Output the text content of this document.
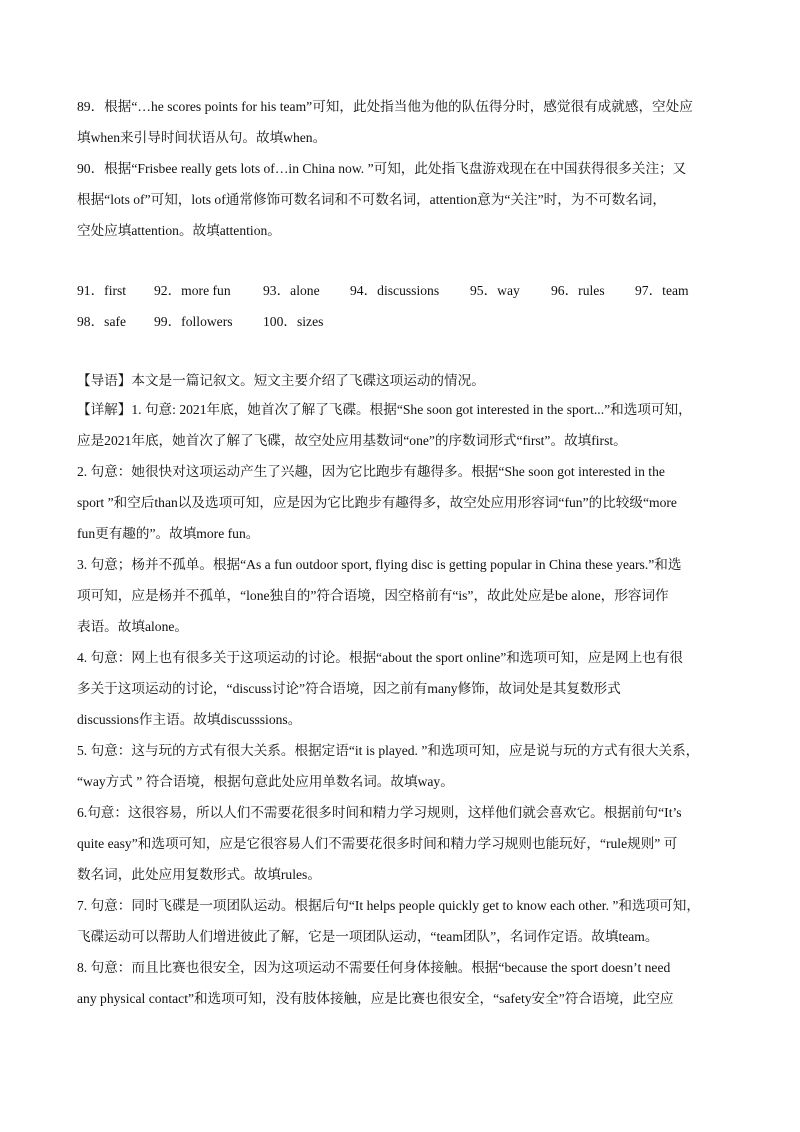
89．根据“…he scores points for his team”可知，此处指当他为他的队伍得分时，感觉很有成就感，空处应
填when来引导时间状语从句。故填when。
90．根据“Frisbee really gets lots of…in China now. ”可知，此处指飞盘游戏现在在中国获得很多关注；又
根据“lots of”可知，lots of通常修饰可数名词和不可数名词，attention意为“关注”时，为不可数名词，
空处应填attention。故填attention。
91．first 92．more fun 93．alone 94．discussions 95．way 96．rules 97．team
98．safe 99．followers 100．sizes
【导语】本文是一篇记叙文。短文主要介绍了飞碟这项运动的情况。
【详解】1. 句意: 2021年底，她首次了解了飞碟。根据“She soon got interested in the sport...”和选项可知，
应是2021年底，她首次了解了飞碟，故空处应用基数词“one”的序数词形式“first”。故填first。
2. 句意：她很快对这项运动产生了兴趣，因为它比跑步有趣得多。根据“She soon got interested in the
sport ”和空后than以及选项可知，应是因为它比跑步有趣得多，故空处应用形容词“fun”的比较级“more
fun更有趣的”。故填more fun。
3. 句意；杨并不孤单。根据“As a fun outdoor sport, flying disc is getting popular in China these years.”和选
项可知，应是杨并不孤单，“lone独自的”符合语境，因空格前有“is”，故此处应是be alone，形容词作
表语。故填alone。
4. 句意：网上也有很多关于这项运动的讨论。根据“about the sport online”和选项可知，应是网上也有很
多关于这项运动的讨论，“discuss讨论”符合语境，因之前有many修饰，故词处是其复数形式
discussions作主语。故填discusssions。
5. 句意：这与玩的方式有很大关系。根据定语“it is played. ”和选项可知，应是说与玩的方式有很大关系，
“way方式 ” 符合语境，根据句意此处应用单数名词。故填way。
6.句意：这很容易，所以人们不需要花很多时间和精力学习规则，这样他们就会喜欢它。根据前句“It’s
quite easy”和选项可知，应是它很容易人们不需要花很多时间和精力学习规则也能玩好，“rule规则” 可
数名词，此处应用复数形式。故填rules。
7. 句意：同时飞碟是一项团队运动。根据后句“It helps people quickly get to know each other. ”和选项可知，
飞碟运动可以帮助人们增进彼此了解，它是一项团队运动，“team团队”，名词作定语。故填team。
8. 句意：而且比赛也很安全，因为这项运动不需要任何身体接触。根据“because the sport doesn’t need
any physical contact”和选项可知，没有肢体接触，应是比赛也很安全，“safety安全”符合语境，此空应
